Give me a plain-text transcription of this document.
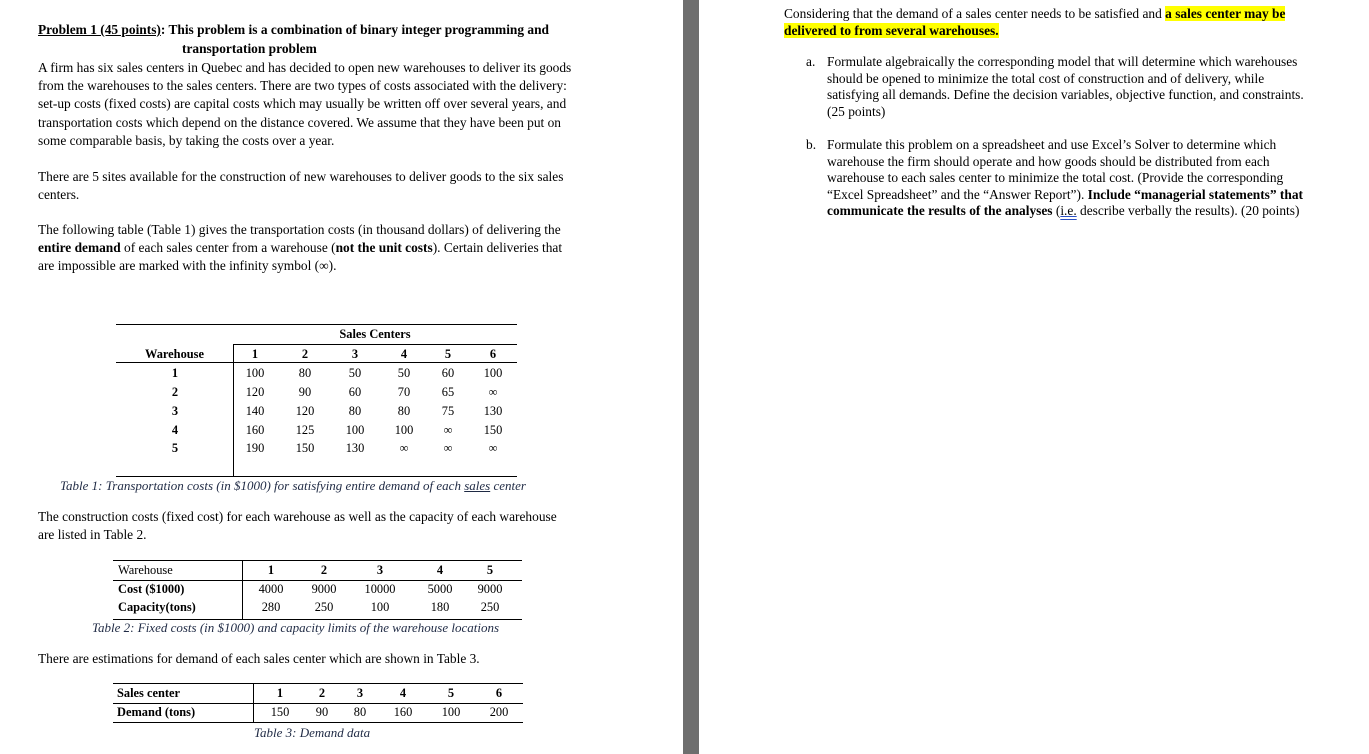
Problem 1 (45 points): This problem is a combination of binary integer programming and
transportation problem
A firm has six sales centers in Quebec and has decided to open new warehouses to deliver its goods
from the warehouses to the sales centers. There are two types of costs associated with the delivery:
set-up costs (fixed costs) are capital costs which may usually be written off over several years, and
transportation costs which depend on the distance covered. We assume that they have been put on
some comparable basis, by taking the costs over a year.
There are 5 sites available for the construction of new warehouses to deliver goods to the six sales
centers.
The following table (Table 1) gives the transportation costs (in thousand dollars) of delivering the
entire demand of each sales center from a warehouse (not the unit costs). Certain deliveries that
are impossible are marked with the infinity symbol (∞).
Sales Centers
Warehouse	1	2	3	4	5	6
1	100	80	50	50	60	100
2	120	90	60	70	65	∞
3	140	120	80	80	75	130
4	160	125	100	100	∞	150
5	190	150	130	∞	∞	∞
Table 1: Transportation costs (in $1000) for satisfying entire demand of each sales center
The construction costs (fixed cost) for each warehouse as well as the capacity of each warehouse
are listed in Table 2.
Warehouse	1	2	3	4	5
Cost ($1000)	4000	9000	10000	5000	9000
Capacity(tons)	280	250	100	180	250
Table 2: Fixed costs (in $1000) and capacity limits of the warehouse locations
There are estimations for demand of each sales center which are shown in Table 3.
Sales center	1	2	3	4	5	6
Demand (tons)	150	90	80	160	100	200
Table 3: Demand data
Considering that the demand of a sales center needs to be satisfied and a sales center may be
delivered to from several warehouses.
a. Formulate algebraically the corresponding model that will determine which warehouses
should be opened to minimize the total cost of construction and of delivery, while
satisfying all demands. Define the decision variables, objective function, and constraints.
(25 points)
b. Formulate this problem on a spreadsheet and use Excel’s Solver to determine which
warehouse the firm should operate and how goods should be distributed from each
warehouse to each sales center to minimize the total cost. (Provide the corresponding
“Excel Spreadsheet” and the “Answer Report”). Include “managerial statements” that
communicate the results of the analyses (i.e. describe verbally the results). (20 points)
